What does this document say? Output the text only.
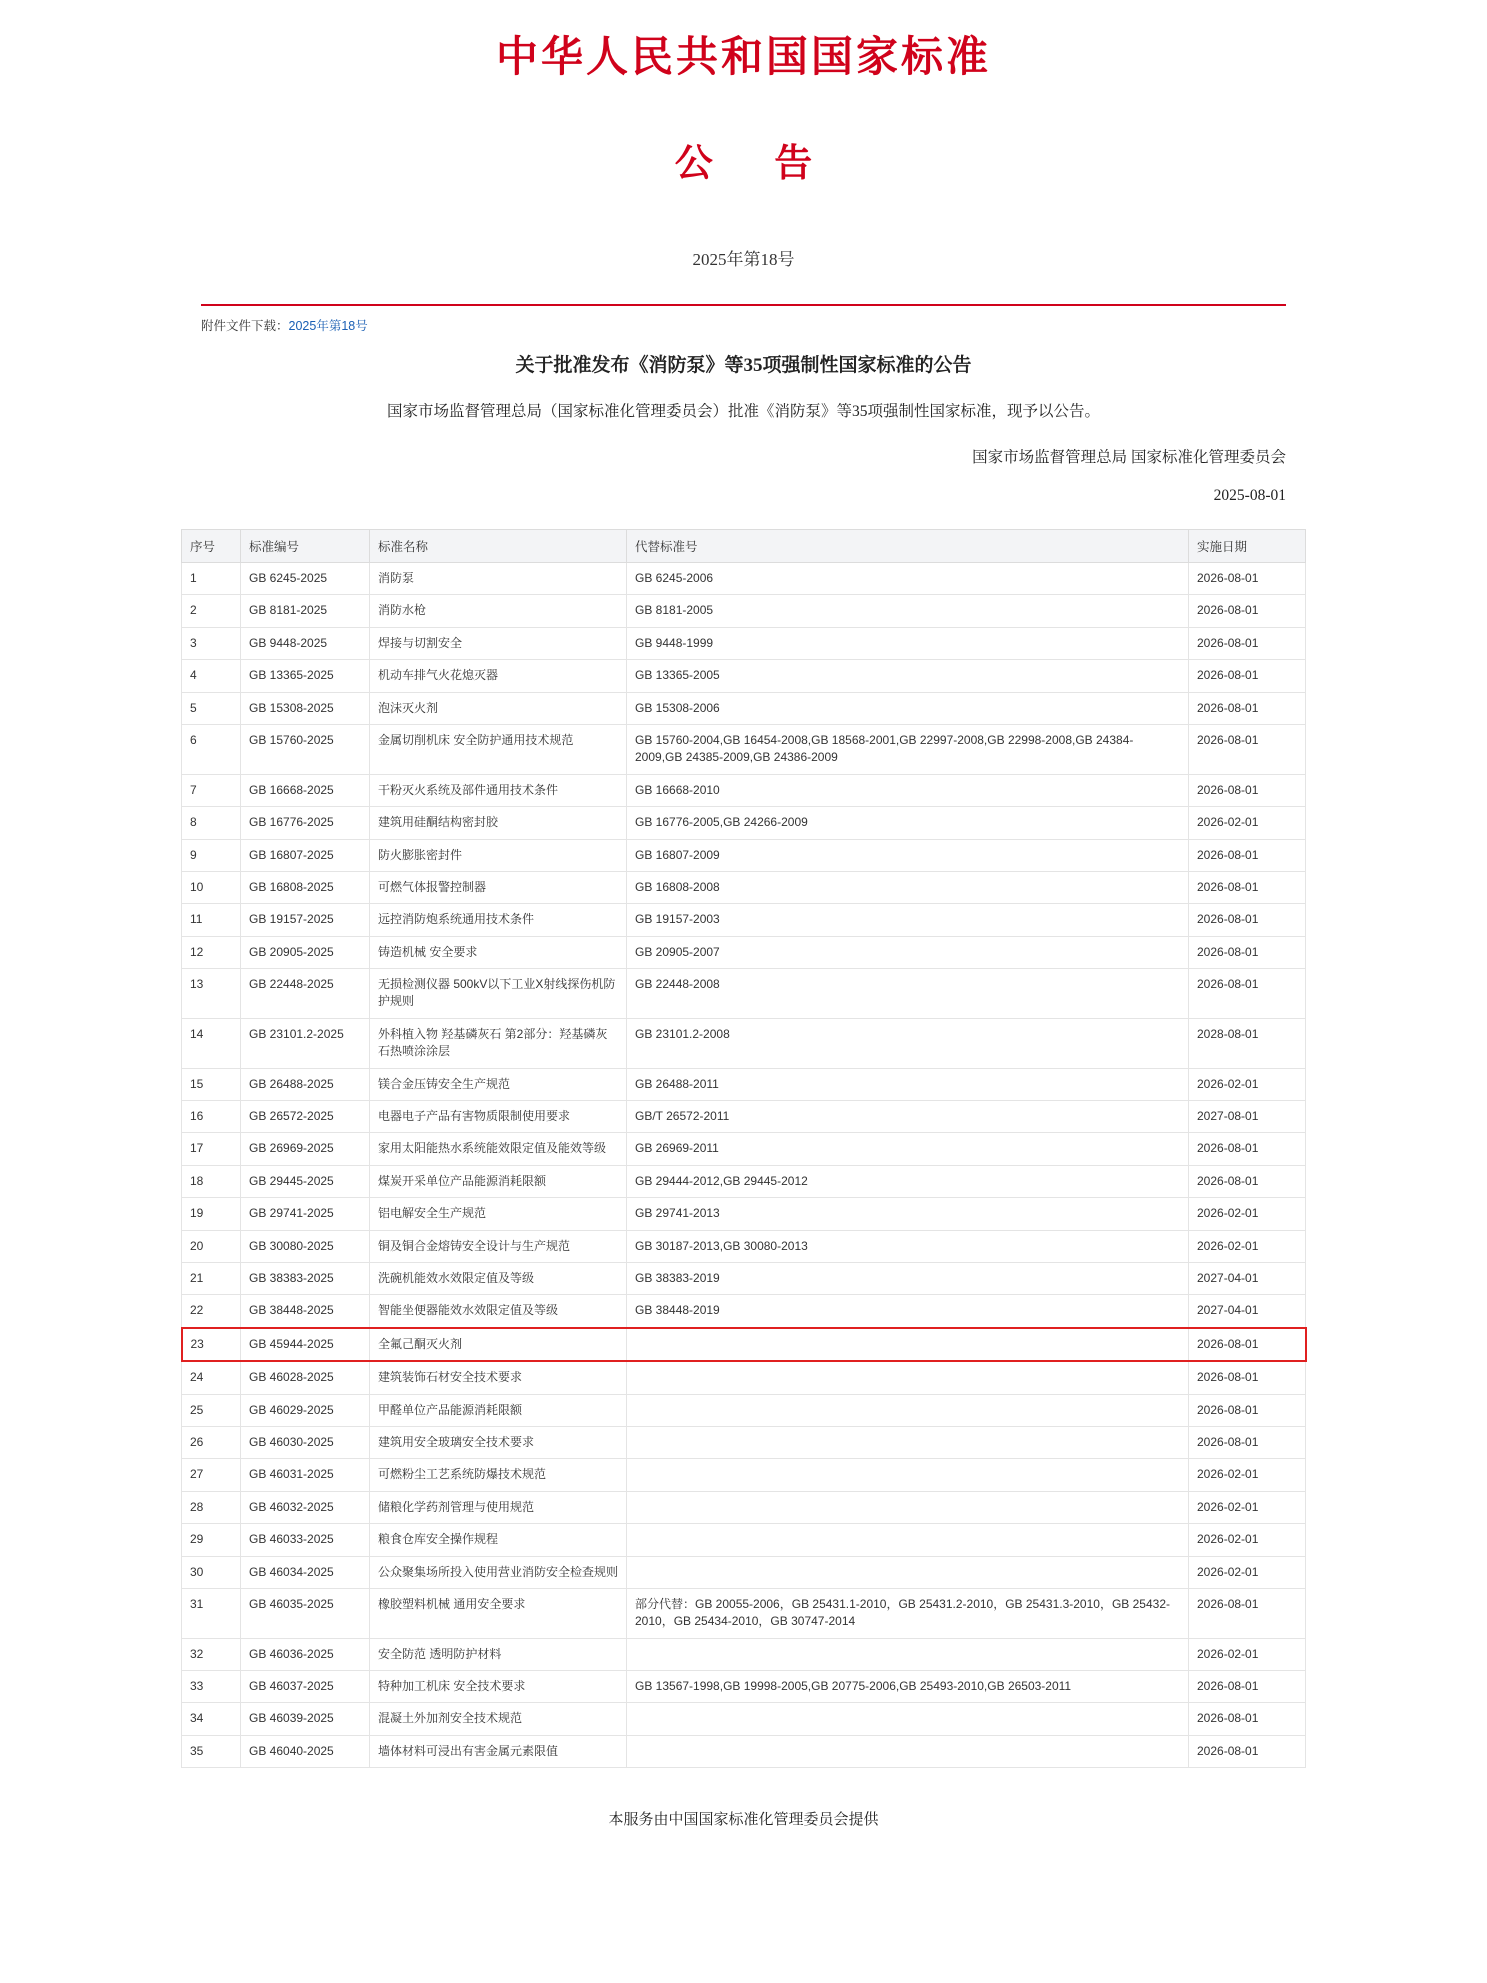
中华人民共和国国家标准
公 告
2025年第18号
附件文件下载：2025年第18号
关于批准发布《消防泵》等35项强制性国家标准的公告
国家市场监督管理总局（国家标准化管理委员会）批准《消防泵》等35项强制性国家标准，现予以公告。
国家市场监督管理总局 国家标准化管理委员会
2025-08-01
序号	标准编号	标准名称	代替标准号	实施日期
1	GB 6245-2025	消防泵	GB 6245-2006	2026-08-01
2	GB 8181-2025	消防水枪	GB 8181-2005	2026-08-01
3	GB 9448-2025	焊接与切割安全	GB 9448-1999	2026-08-01
4	GB 13365-2025	机动车排气火花熄灭器	GB 13365-2005	2026-08-01
5	GB 15308-2025	泡沫灭火剂	GB 15308-2006	2026-08-01
6	GB 15760-2025	金属切削机床 安全防护通用技术规范	GB 15760-2004,GB 16454-2008,GB 18568-2001,GB 22997-2008,GB 22998-2008,GB 24384-2009,GB 24385-2009,GB 24386-2009	2026-08-01
7	GB 16668-2025	干粉灭火系统及部件通用技术条件	GB 16668-2010	2026-08-01
8	GB 16776-2025	建筑用硅酮结构密封胶	GB 16776-2005,GB 24266-2009	2026-02-01
9	GB 16807-2025	防火膨胀密封件	GB 16807-2009	2026-08-01
10	GB 16808-2025	可燃气体报警控制器	GB 16808-2008	2026-08-01
11	GB 19157-2025	远控消防炮系统通用技术条件	GB 19157-2003	2026-08-01
12	GB 20905-2025	铸造机械 安全要求	GB 20905-2007	2026-08-01
13	GB 22448-2025	无损检测仪器 500kV以下工业X射线探伤机防护规则	GB 22448-2008	2026-08-01
14	GB 23101.2-2025	外科植入物 羟基磷灰石 第2部分：羟基磷灰石热喷涂涂层	GB 23101.2-2008	2028-08-01
15	GB 26488-2025	镁合金压铸安全生产规范	GB 26488-2011	2026-02-01
16	GB 26572-2025	电器电子产品有害物质限制使用要求	GB/T 26572-2011	2027-08-01
17	GB 26969-2025	家用太阳能热水系统能效限定值及能效等级	GB 26969-2011	2026-08-01
18	GB 29445-2025	煤炭开采单位产品能源消耗限额	GB 29444-2012,GB 29445-2012	2026-08-01
19	GB 29741-2025	铝电解安全生产规范	GB 29741-2013	2026-02-01
20	GB 30080-2025	铜及铜合金熔铸安全设计与生产规范	GB 30187-2013,GB 30080-2013	2026-02-01
21	GB 38383-2025	洗碗机能效水效限定值及等级	GB 38383-2019	2027-04-01
22	GB 38448-2025	智能坐便器能效水效限定值及等级	GB 38448-2019	2027-04-01
23	GB 45944-2025	全氟己酮灭火剂		2026-08-01
24	GB 46028-2025	建筑装饰石材安全技术要求		2026-08-01
25	GB 46029-2025	甲醛单位产品能源消耗限额		2026-08-01
26	GB 46030-2025	建筑用安全玻璃安全技术要求		2026-08-01
27	GB 46031-2025	可燃粉尘工艺系统防爆技术规范		2026-02-01
28	GB 46032-2025	储粮化学药剂管理与使用规范		2026-02-01
29	GB 46033-2025	粮食仓库安全操作规程		2026-02-01
30	GB 46034-2025	公众聚集场所投入使用营业消防安全检查规则		2026-02-01
31	GB 46035-2025	橡胶塑料机械 通用安全要求	部分代替：GB 20055-2006，GB 25431.1-2010，GB 25431.2-2010，GB 25431.3-2010，GB 25432-2010，GB 25434-2010，GB 30747-2014	2026-08-01
32	GB 46036-2025	安全防范 透明防护材料		2026-02-01
33	GB 46037-2025	特种加工机床 安全技术要求	GB 13567-1998,GB 19998-2005,GB 20775-2006,GB 25493-2010,GB 26503-2011	2026-08-01
34	GB 46039-2025	混凝土外加剂安全技术规范		2026-08-01
35	GB 46040-2025	墙体材料可浸出有害金属元素限值		2026-08-01
本服务由中国国家标准化管理委员会提供
